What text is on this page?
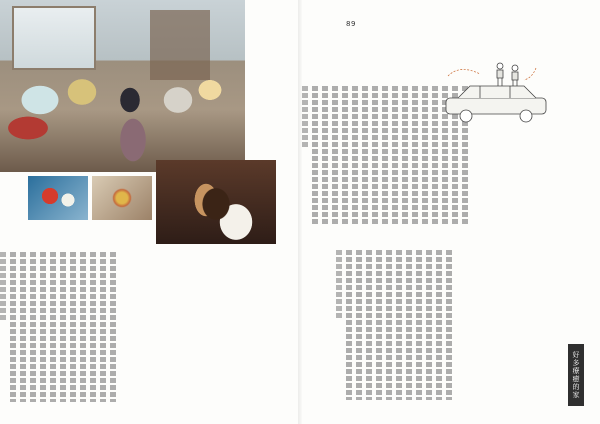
89
好多療癒的家
